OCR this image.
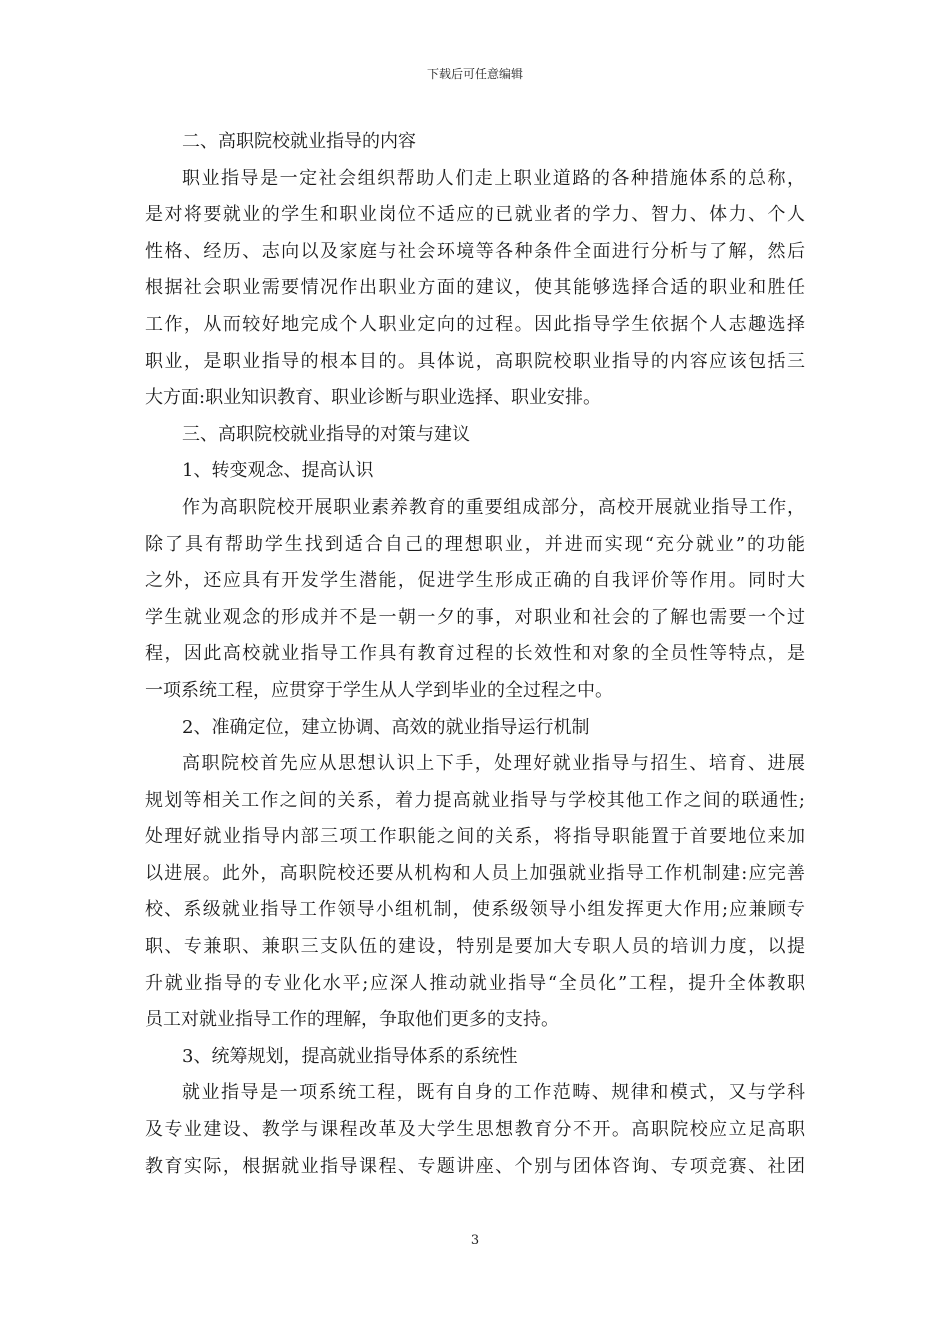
下载后可任意编辑
二、高职院校就业指导的内容
职业指导是一定社会组织帮助人们走上职业道路的各种措施体系的总称，
是对将要就业的学生和职业岗位不适应的已就业者的学力、智力、体力、个人
性格、经历、志向以及家庭与社会环境等各种条件全面进行分析与了解，然后
根据社会职业需要情况作出职业方面的建议，使其能够选择合适的职业和胜任
工作，从而较好地完成个人职业定向的过程。因此指导学生依据个人志趣选择
职业，是职业指导的根本目的。具体说，高职院校职业指导的内容应该包括三
大方面:职业知识教育、职业诊断与职业选择、职业安排。
三、高职院校就业指导的对策与建议
1、转变观念、提高认识
作为高职院校开展职业素养教育的重要组成部分，高校开展就业指导工作，
除了具有帮助学生找到适合自己的理想职业，并进而实现“充分就业”的功能
之外，还应具有开发学生潜能，促进学生形成正确的自我评价等作用。同时大
学生就业观念的形成并不是一朝一夕的事，对职业和社会的了解也需要一个过
程，因此高校就业指导工作具有教育过程的长效性和对象的全员性等特点，是
一项系统工程，应贯穿于学生从人学到毕业的全过程之中。
2、准确定位，建立协调、高效的就业指导运行机制
高职院校首先应从思想认识上下手，处理好就业指导与招生、培育、进展
规划等相关工作之间的关系，着力提高就业指导与学校其他工作之间的联通性;
处理好就业指导内部三项工作职能之间的关系，将指导职能置于首要地位来加
以进展。此外，高职院校还要从机构和人员上加强就业指导工作机制建:应完善
校、系级就业指导工作领导小组机制，使系级领导小组发挥更大作用;应兼顾专
职、专兼职、兼职三支队伍的建设，特别是要加大专职人员的培训力度，以提
升就业指导的专业化水平;应深人推动就业指导“全员化”工程，提升全体教职
员工对就业指导工作的理解，争取他们更多的支持。
3、统筹规划，提高就业指导体系的系统性
就业指导是一项系统工程，既有自身的工作范畴、规律和模式，又与学科
及专业建设、教学与课程改革及大学生思想教育分不开。高职院校应立足高职
教育实际，根据就业指导课程、专题讲座、个别与团体咨询、专项竞赛、社团
3
